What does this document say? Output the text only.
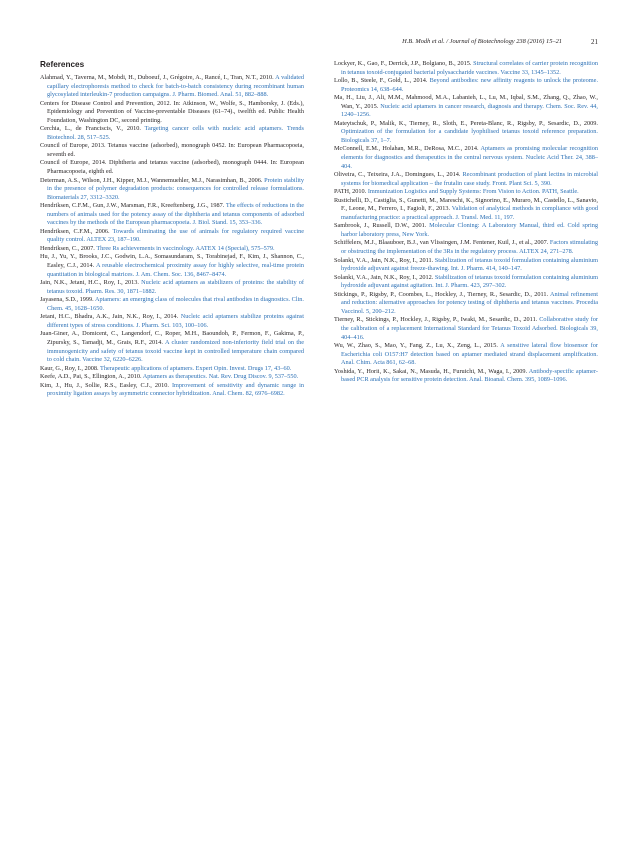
H.B. Modh et al. / Journal of Biotechnology 238 (2016) 15–21	21
References

Alahmad, Y., Taverna, M., Mobdi, H., Duboeuf, J., Grégoire, A., Rancé, I., Tran, N.T., 2010. A validated capillary electrophoresis method to check for batch-to-batch consistency during recombinant human glycosylated interleukin-7 production campaigns. J. Pharm. Biomed. Anal. 51, 882–888.

Centers for Disease Control and Prevention, 2012. In: Atkinson, W., Wolfe, S., Hamborsky, J. (Eds.), Epidemiology and Prevention of Vaccine-preventable Diseases (61–74)., twelfth ed. Public Health Foundation, Washington DC, second printing.

Cerchia, L., de Franciscis, V., 2010. Targeting cancer cells with nucleic acid aptamers. Trends Biotechnol. 28, 517–525.

Council of Europe, 2013. Tetanus vaccine (adsorbed), monograph 0452. In: European Pharmacopoeia, seventh ed.

Council of Europe, 2014. Diphtheria and tetanus vaccine (adsorbed), monograph 0444. In: European Pharmacopoeia, eighth ed.

Determan, A.S., Wilson, J.H., Kipper, M.J., Wannemuehler, M.J., Narasimhan, B., 2006. Protein stability in the presence of polymer degradation products: consequences for controlled release formulations. Biomaterials 27, 3312–3320.

Hendriksen, C.F.M., Gun, J.W., Marsman, F.R., Kreeftenberg, J.G., 1987. The effects of reductions in the numbers of animals used for the potency assay of the diphtheria and tetanus components of adsorbed vaccines by the methods of the European pharmacopoeia. J. Biol. Stand. 15, 353–336.

Hendriksen, C.F.M., 2006. Towards eliminating the use of animals for regulatory required vaccine quality control. ALTEX 23, 187–190.

Hendriksen, C., 2007. Three Rs achievements in vaccinology. AATEX 14 (Special), 575–579.

Hu, J., Yu, Y., Brooks, J.C., Godwin, L.A., Somasundaram, S., Torabinejad, F., Kim, J., Shannon, C., Easley, C.J., 2014. A reusable electrochemical proximity assay for highly selective, real-time protein quantitation in biological matrices. J. Am. Chem. Soc. 136, 8467–8474.

Jain, N.K., Jetani, H.C., Roy, I., 2013. Nucleic acid aptamers as stabilizers of proteins: the stability of tetanus toxoid. Pharm. Res. 30, 1871–1882.

Jayasena, S.D., 1999. Aptamers: an emerging class of molecules that rival antibodies in diagnostics. Clin. Chem. 45, 1628–1650.

Jetani, H.C., Bhadra, A.K., Jain, N.K., Roy, I., 2014. Nucleic acid aptamers stabilize proteins against different types of stress conditions. J. Pharm. Sci. 103, 100–106.

Juan-Giner, A., Domicent, C., Langendorf, C., Roper, M.H., Baoundoh, P., Fermon, F., Gakima, P., Zipursky, S., Tamadji, M., Grais, R.F., 2014. A cluster randomized non-inferiority field trial on the immunogenicity and safety of tetanus toxoid vaccine kept in controlled temperature chain compared to cold chain. Vaccine 32, 6220–6226.

Kaur, G., Roy, I., 2008. Therapeutic applications of aptamers. Expert Opin. Invest. Drugs 17, 43–60.

Keefe, A.D., Pai, S., Ellington, A., 2010. Aptamers as therapeutics. Nat. Rev. Drug Discov. 9, 537–550.

Kim, J., Hu, J., Sollie, R.S., Easley, C.J., 2010. Improvement of sensitivity and dynamic range in proximity ligation assays by asymmetric connector hybridization. Anal. Chem. 82, 6976–6982.

Lockyer, K., Gao, F., Derrick, J.P., Bolgiano, B., 2015. Structural correlates of carrier protein recognition in tetanus toxoid-conjugated bacterial polysaccharide vaccines. Vaccine 33, 1345–1352.

Lollo, B., Steele, F., Gold, L., 2014. Beyond antibodies: new affinity reagents to unlock the proteome. Proteomics 14, 638–644.

Ma, H., Liu, J., Ali, M.M., Mahmood, M.A., Labanieh, L., Lu, M., Iqbal, S.M., Zhang, Q., Zhao, W., Wan, Y., 2015. Nucleic acid aptamers in cancer research, diagnosis and therapy. Chem. Soc. Rev. 44, 1240–1256.

Mateytschuk, P., Malik, K., Tierney, R., Sloth, E., Pereta-Blanc, R., Rigsby, P., Sesardic, D., 2009. Optimization of the formulation for a candidate lyophilised tetanus toxoid reference preparation. Biologicals 37, 1–7.

McConnell, E.M., Holahan, M.R., DeRosa, M.C., 2014. Aptamers as promising molecular recognition elements for diagnostics and therapeutics in the central nervous system. Nucleic Acid Ther. 24, 388–404.

Oliveira, C., Teixeira, J.A., Domingues, L., 2014. Recombinant production of plant lectins in microbial systems for biomedical application – the frutalin case study. Front. Plant Sci. 5, 390.

PATH, 2010. Immunization Logistics and Supply Systems: From Vision to Action. PATH, Seattle.

Rustichelli, D., Castiglia, S., Gunetti, M., Mareschi, K., Signorino, E., Muraro, M., Castello, L., Sanavio, F., Leone, M., Ferrero, I., Fagioli, F., 2013. Validation of analytical methods in compliance with good manufacturing practice: a practical approach. J. Transl. Med. 11, 197.

Sambrook, J., Russell, D.W., 2001. Molecular Cloning: A Laboratory Manual, third ed. Cold spring harbor laboratory press, New York.

Schiffelers, M.J., Blaauboer, B.J., van Vlissingen, J.M. Fentener, Kuil, J., et al., 2007. Factors stimulating or obstructing the implementation of the 3Rs in the regulatory process. ALTEX 24, 271–278.

Solanki, V.A., Jain, N.K., Roy, I., 2011. Stabilization of tetanus toxoid formulation containing aluminium hydroxide adjuvant against freeze-thawing. Int. J. Pharm. 414, 140–147.

Solanki, V.A., Jain, N.K., Roy, I., 2012. Stabilization of tetanus toxoid formulation containing aluminium hydroxide adjuvant against agitation. Int. J. Pharm. 423, 297–302.

Stickings, P., Rigsby, P., Coombes, L., Hockley, J., Tierney, R., Sesardic, D., 2011. Animal refinement and reduction: alternative approaches for potency testing of diphtheria and tetanus vaccines. Procedia Vaccinol. 5, 200–212.

Tierney, R., Stickings, P., Hockley, J., Rigsby, P., Iwaki, M., Sesardic, D., 2011. Collaborative study for the calibration of a replacement International Standard for Tetanus Toxoid Adsorbed. Biologicals 39, 404–416.

Wu, W., Zhao, S., Mao, Y., Fang, Z., Lu, X., Zeng, L., 2015. A sensitive lateral flow biosensor for Escherichia coli O157:H7 detection based on aptamer mediated strand displacement amplification. Anal. Chim. Acta 861, 62–68.

Yoshida, Y., Horii, K., Sakai, N., Masuda, H., Furuichi, M., Waga, I., 2009. Antibody-specific aptamer-based PCR analysis for sensitive protein detection. Anal. Bioanal. Chem. 395, 1089–1096.
